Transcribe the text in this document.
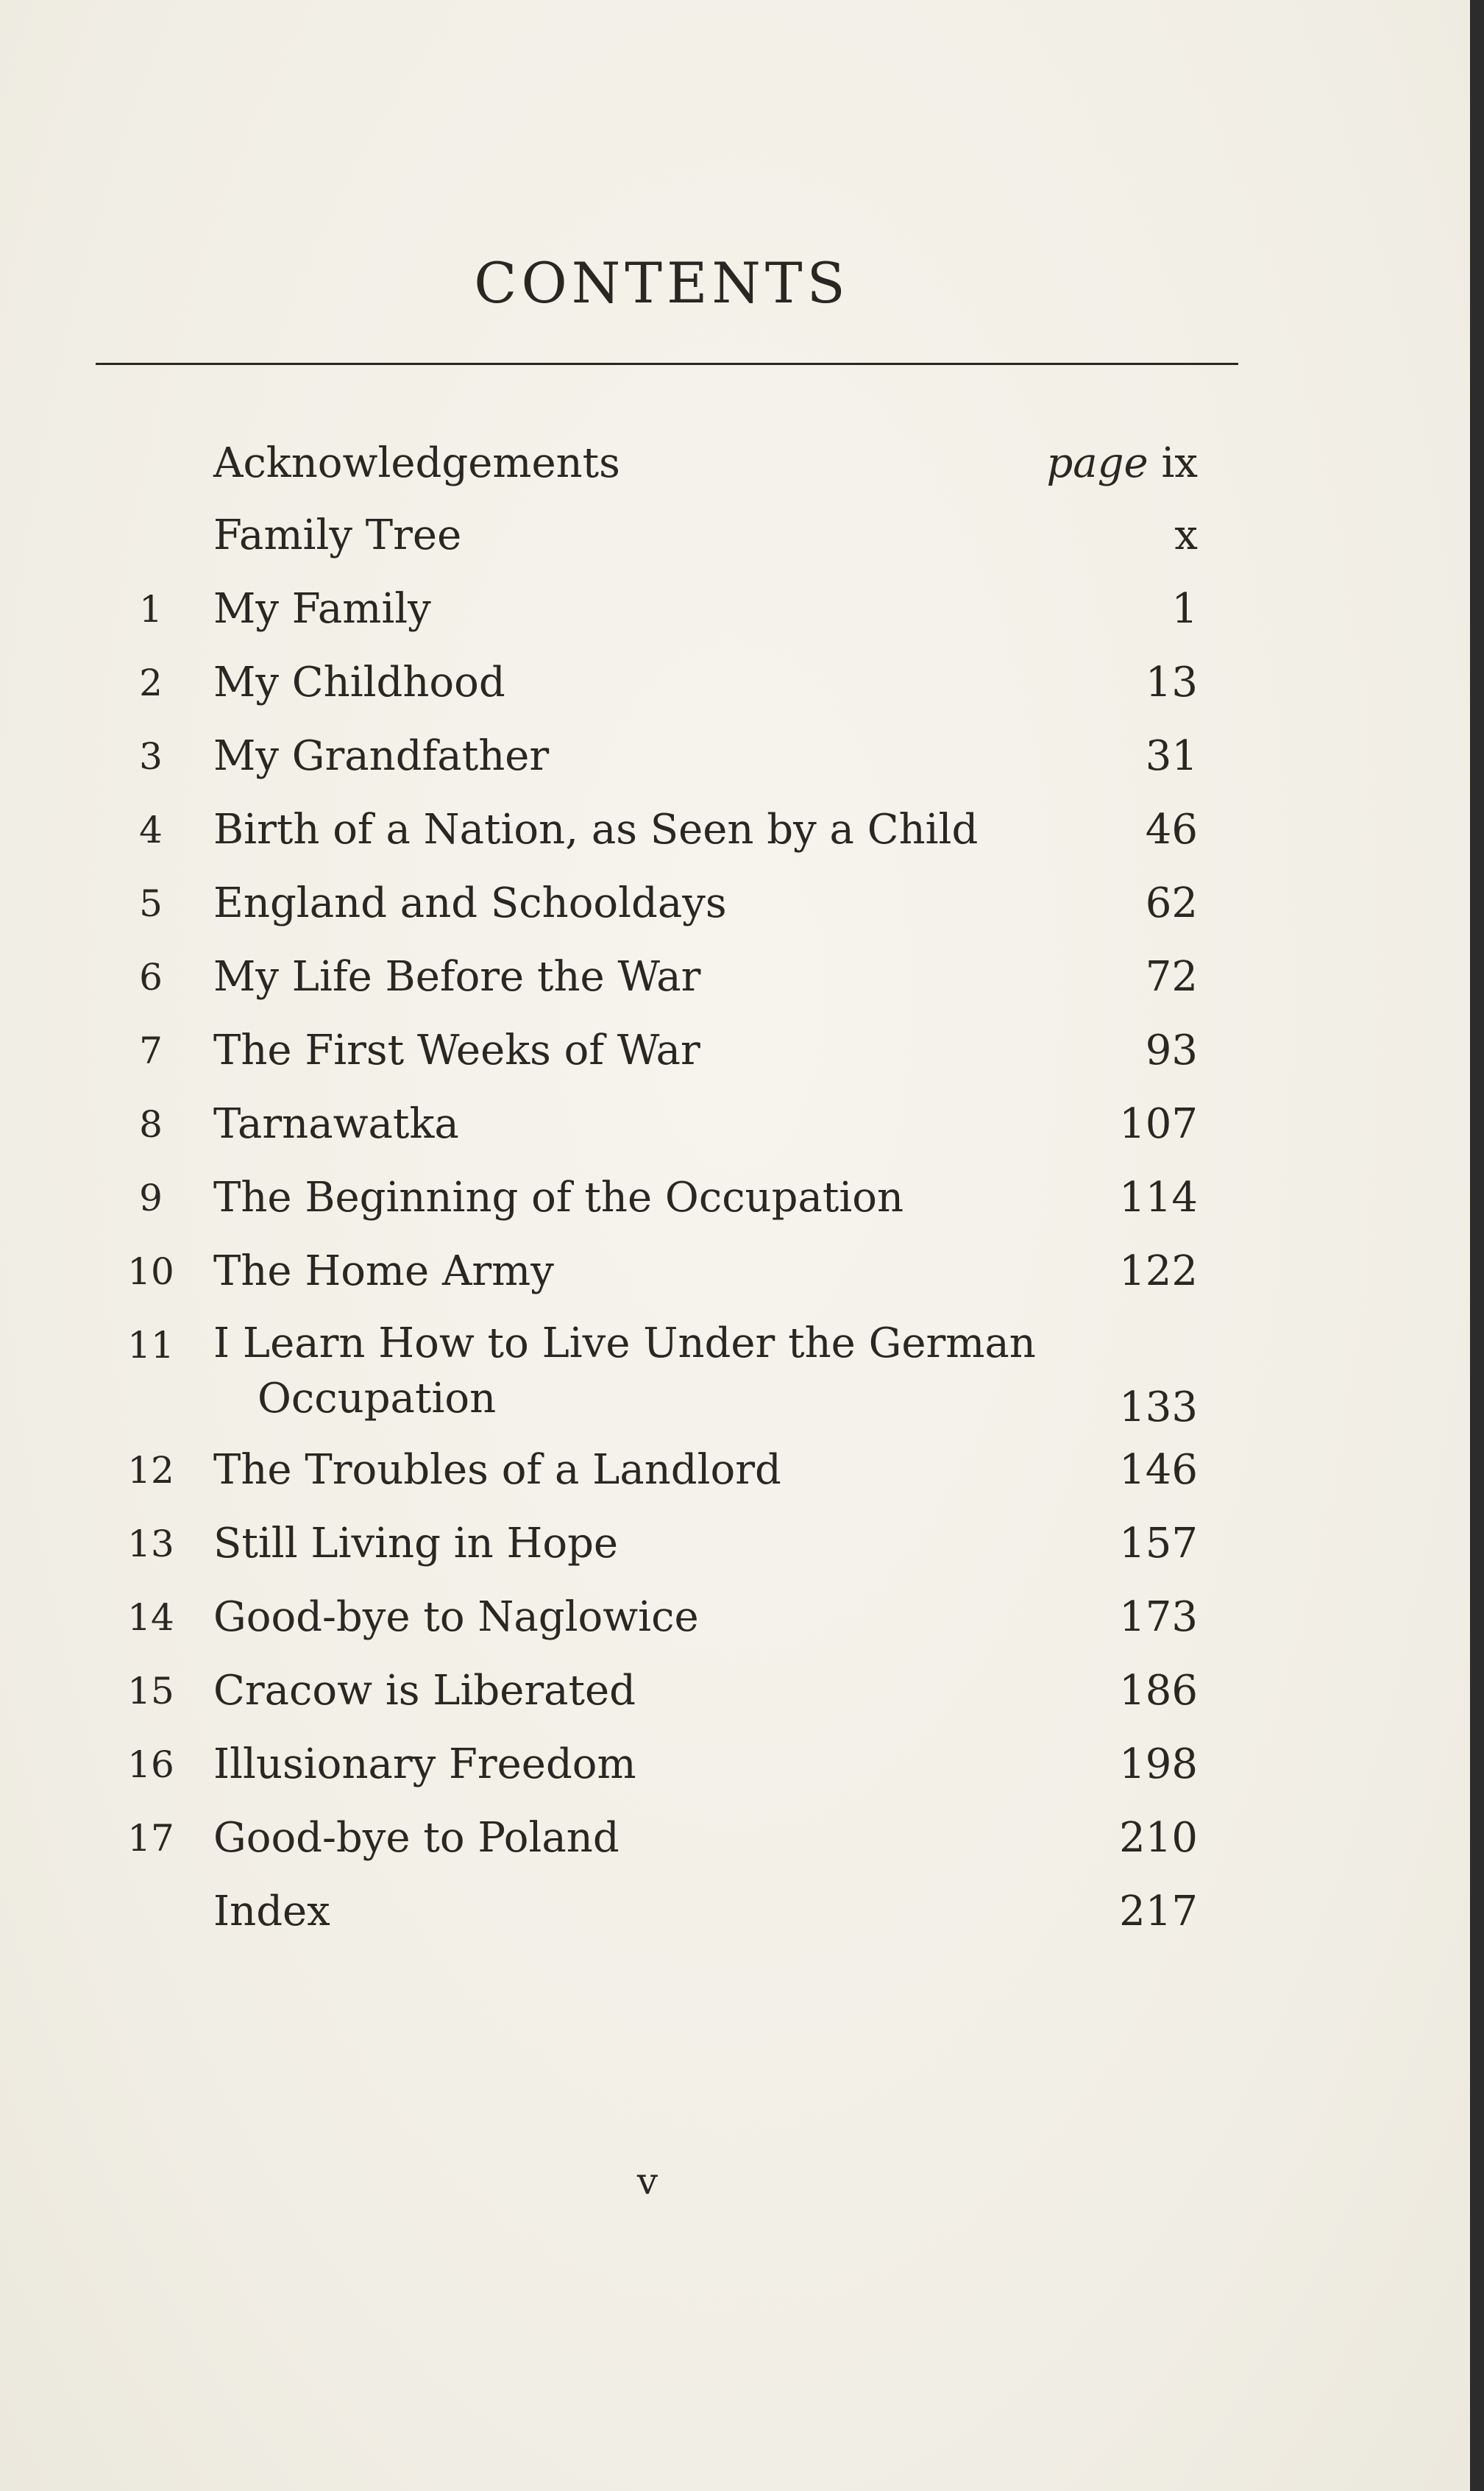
CONTENTS
Acknowledgements	page ix
Family Tree	x
1	My Family	1
2	My Childhood	13
3	My Grandfather	31
4	Birth of a Nation, as Seen by a Child	46
5	England and Schooldays	62
6	My Life Before the War	72
7	The First Weeks of War	93
8	Tarnawatka	107
9	The Beginning of the Occupation	114
10 The Home Army	122
11 I Learn How to Live Under the German
Occupation	133
12 The Troubles of a Landlord	146
13 Still Living in Hope	157
14 Good-bye to Naglowice	173
15 Cracow is Liberated	186
16 Illusionary Freedom	198
17 Good-bye to Poland	210
Index	217
v
